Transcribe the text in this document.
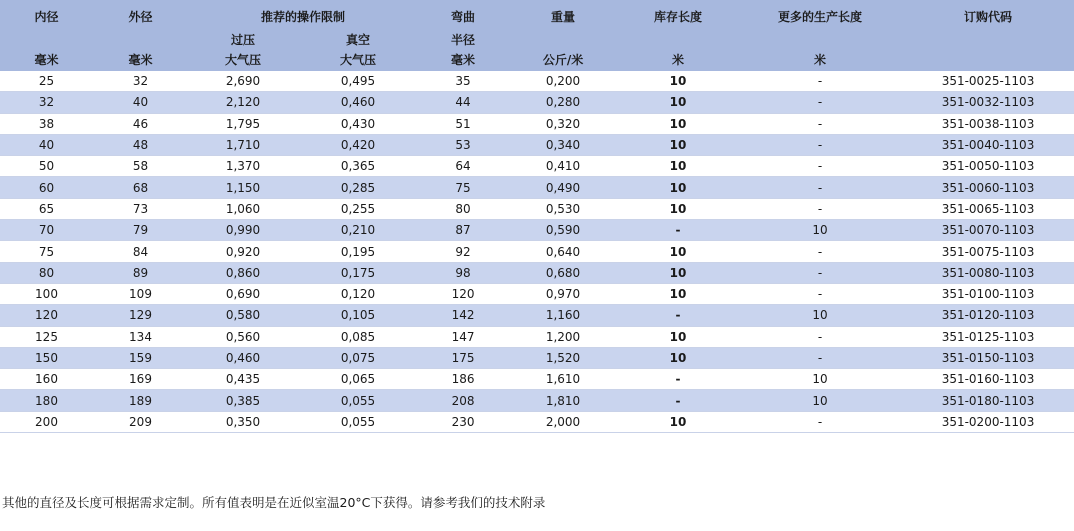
内径	外径	推荐的操作限制		弯曲	重量	库存长度	更多的生产长度	订购代码
		过压	真空	半径				
毫米	毫米	大气压	大气压	毫米	公斤/米	米	米	
25	32	2,690	0,495	35	0,200	10	-	351-0025-1103
32	40	2,120	0,460	44	0,280	10	-	351-0032-1103
38	46	1,795	0,430	51	0,320	10	-	351-0038-1103
40	48	1,710	0,420	53	0,340	10	-	351-0040-1103
50	58	1,370	0,365	64	0,410	10	-	351-0050-1103
60	68	1,150	0,285	75	0,490	10	-	351-0060-1103
65	73	1,060	0,255	80	0,530	10	-	351-0065-1103
70	79	0,990	0,210	87	0,590	-	10	351-0070-1103
75	84	0,920	0,195	92	0,640	10	-	351-0075-1103
80	89	0,860	0,175	98	0,680	10	-	351-0080-1103
100	109	0,690	0,120	120	0,970	10	-	351-0100-1103
120	129	0,580	0,105	142	1,160	-	10	351-0120-1103
125	134	0,560	0,085	147	1,200	10	-	351-0125-1103
150	159	0,460	0,075	175	1,520	10	-	351-0150-1103
160	169	0,435	0,065	186	1,610	-	10	351-0160-1103
180	189	0,385	0,055	208	1,810	-	10	351-0180-1103
200	209	0,350	0,055	230	2,000	10	-	351-0200-1103
其他的直径及长度可根据需求定制。所有值表明是在近似室温20°C下获得。请参考我们的技术附录
